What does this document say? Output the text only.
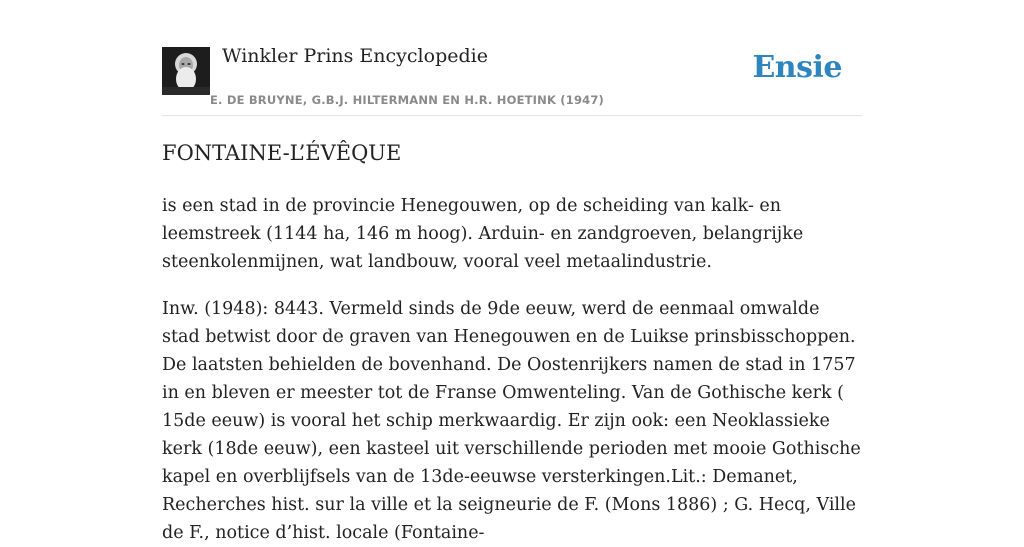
Winkler Prins Encyclopedie
E. DE BRUYNE, G.B.J. HILTERMANN EN H.R. HOETINK (1947)
Ensie
FONTAINE-L’ÉVÊQUE

is een stad in de provincie Henegouwen, op de scheiding van kalk- en leemstreek (1144 ha, 146 m hoog). Arduin- en zandgroeven, belangrijke steenkolenmijnen, wat landbouw, vooral veel metaalindustrie.

Inw. (1948): 8443. Vermeld sinds de 9de eeuw, werd de eenmaal omwalde stad betwist door de graven van Henegouwen en de Luikse prinsbisschoppen. De laatsten behielden de bovenhand. De Oostenrijkers namen de stad in 1757 in en bleven er meester tot de Franse Omwenteling. Van de Gothische kerk ( 15de eeuw) is vooral het schip merkwaardig. Er zijn ook: een Neoklassieke kerk (18de eeuw), een kasteel uit verschillende perioden met mooie Gothische kapel en overblijfsels van de 13de-eeuwse versterkingen.Lit.: Demanet, Recherches hist. sur la ville et la seigneurie de F. (Mons 1886) ; G. Hecq, Ville de F., notice d’hist. locale (Fontaine-
